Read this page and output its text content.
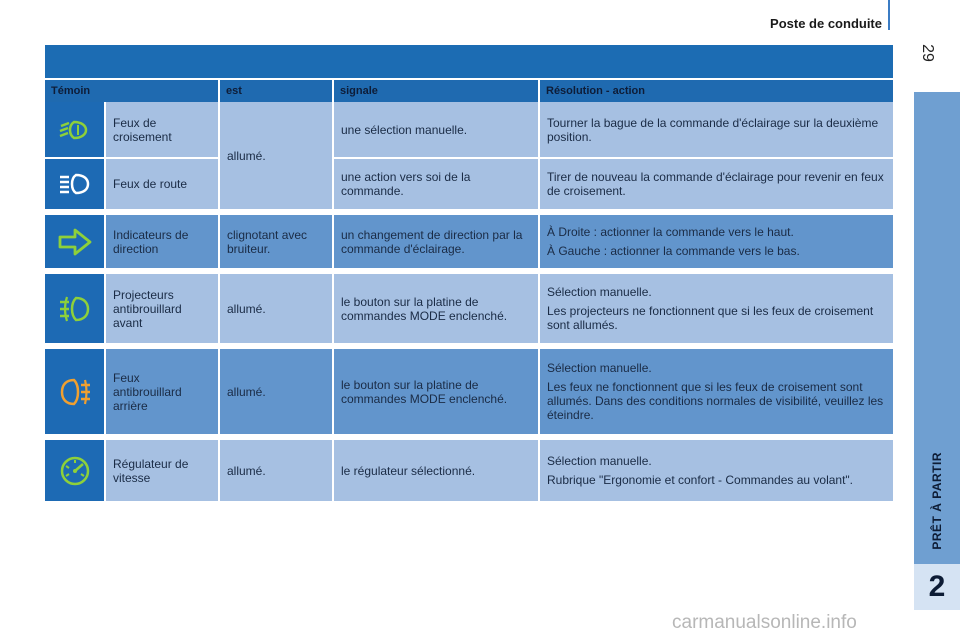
Poste de conduite
29
PRÊT À PARTIR
2
Témoin		est	signale	Résolution - action

	Feux de croisement	allumé.	une sélection manuelle.	Tourner la bague de la commande d'éclairage sur la deuxième position.

	Feux de route		une action vers soi de la commande.	Tirer de nouveau la commande d'éclairage pour revenir en feux de croisement.

	Indicateurs de direction	clignotant avec bruiteur.	un changement de direction par la commande d'éclairage.	À Droite : actionner la commande vers le haut.

À Gauche : actionner la commande vers le bas.

	Projecteurs antibrouillard avant	allumé.	le bouton sur la platine de commandes MODE enclenché.	Sélection manuelle.

Les projecteurs ne fonctionnent que si les feux de croisement sont allumés.

	Feux antibrouillard arrière	allumé.	le bouton sur la platine de commandes MODE enclenché.	Sélection manuelle.

Les feux ne fonctionnent que si les feux de croisement sont allumés. Dans des conditions normales de visibilité, veuillez les éteindre.

	Régulateur de vitesse	allumé.	le régulateur sélectionné.	Sélection manuelle.

Rubrique "Ergonomie et confort - Commandes au volant".

carmanualsonline.info
